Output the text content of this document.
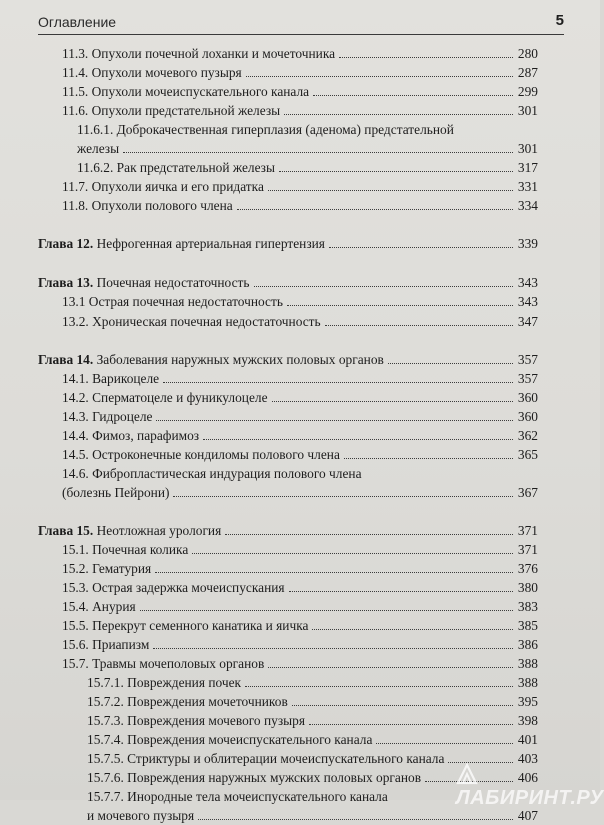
Оглавление	5
11.3. Опухоли почечной лоханки и мочеточника	280
11.4. Опухоли мочевого пузыря	287
11.5. Опухоли мочеиспускательного канала	299
11.6. Опухоли предстательной железы	301
11.6.1. Доброкачественная гиперплазия (аденома) предстательной
железы	301
11.6.2. Рак предстательной железы	317
11.7. Опухоли яичка и его придатка	331
11.8. Опухоли полового члена	334
Глава 12. Нефрогенная артериальная гипертензия	339
Глава 13. Почечная недостаточность	343
13.1 Острая почечная недостаточность	343
13.2. Хроническая почечная недостаточность	347
Глава 14. Заболевания наружных мужских половых органов	357
14.1. Варикоцеле	357
14.2. Сперматоцеле и фуникулоцеле	360
14.3. Гидроцеле	360
14.4. Фимоз, парафимоз	362
14.5. Остроконечные кондиломы полового члена	365
14.6. Фибропластическая индурация полового члена
(болезнь Пейрони)	367
Глава 15. Неотложная урология	371
15.1. Почечная колика	371
15.2. Гематурия	376
15.3. Острая задержка мочеиспускания	380
15.4. Анурия	383
15.5. Перекрут семенного канатика и яичка	385
15.6. Приапизм	386
15.7. Травмы мочеполовых органов	388
15.7.1. Повреждения почек	388
15.7.2. Повреждения мочеточников	395
15.7.3. Повреждения мочевого пузыря	398
15.7.4. Повреждения мочеиспускательного канала	401
15.7.5. Стриктуры и облитерации мочеиспускательного канала	403
15.7.6. Повреждения наружных мужских половых органов	406
15.7.7. Инородные тела мочеиспускательного канала
и мочевого пузыря	407
ЛАБИРИНТ.РУ
